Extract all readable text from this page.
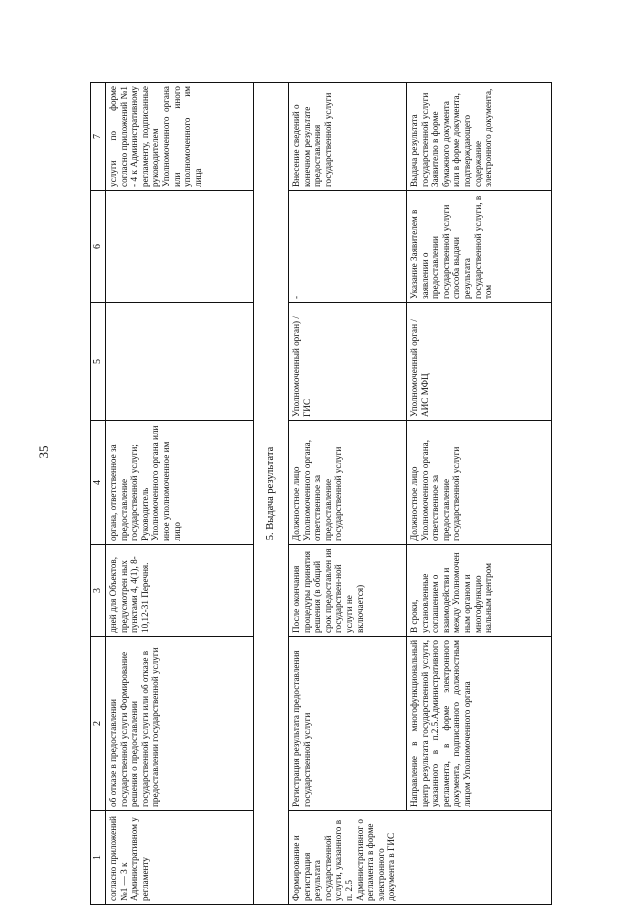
35
1	2	3	4	5	6	7
согласно приложений №1 — 3 к Административном у регламенту	об отказе в предоставлении государственной услуги Формирование решения о предоставлении государственной услуги или об отказе в предоставлении государственной услуги	дней для Объектов, предусмотрен ных пунктами 4, 4(1), 8-10,12-31 Перечня.	органа, ответственное за предоставление государственной услуги; Руководитель Уполномоченного органа или иное уполномоченное им лицо			услуги по форме согласно приложений №1 - 4 к Административному регламенту, подписанные руководителем Уполномоченного органа или иного уполномоченного им лица
5. Выдача результата						
Формирование и регистрация результата государственной услуги, указанного в п. 2.5 Административног о регламента в форме электронного документа в ГИС	Регистрация результата предоставления государственной услуги	После окончания процедуры принятия решения (в общий срок предоставлен ия государствен-ной услуги не включается)	Должностное лицо Уполномоченного органа, ответственное за предоставление государственной услуги	Уполномоченный орган) / ГИС	-	Внесение сведений о конечном результате предоставления государственной услуги
	Направление в многофункциональный центр результата государственной услуги, указанного в п.2.5.Административного регламента, в форме электронного документа, подписанного должностным лицом Уполномоченного органа	В сроки, установленные соглашением о взаимодействи и между Уполномочен ным органом и многофункцио нальным центром	Должностное лицо Уполномоченного органа, ответственное за предоставление государственной услуги	Уполномоченный орган / АИС МФЦ	Указание Заявителем в заявлении о предоставлении государственной услуги способа выдачи результата государственной услуги, в том	Выдача результата государственной услуги Заявителю в форме бумажного документа или в форме документа, подтверждающего содержание электронного документа,
